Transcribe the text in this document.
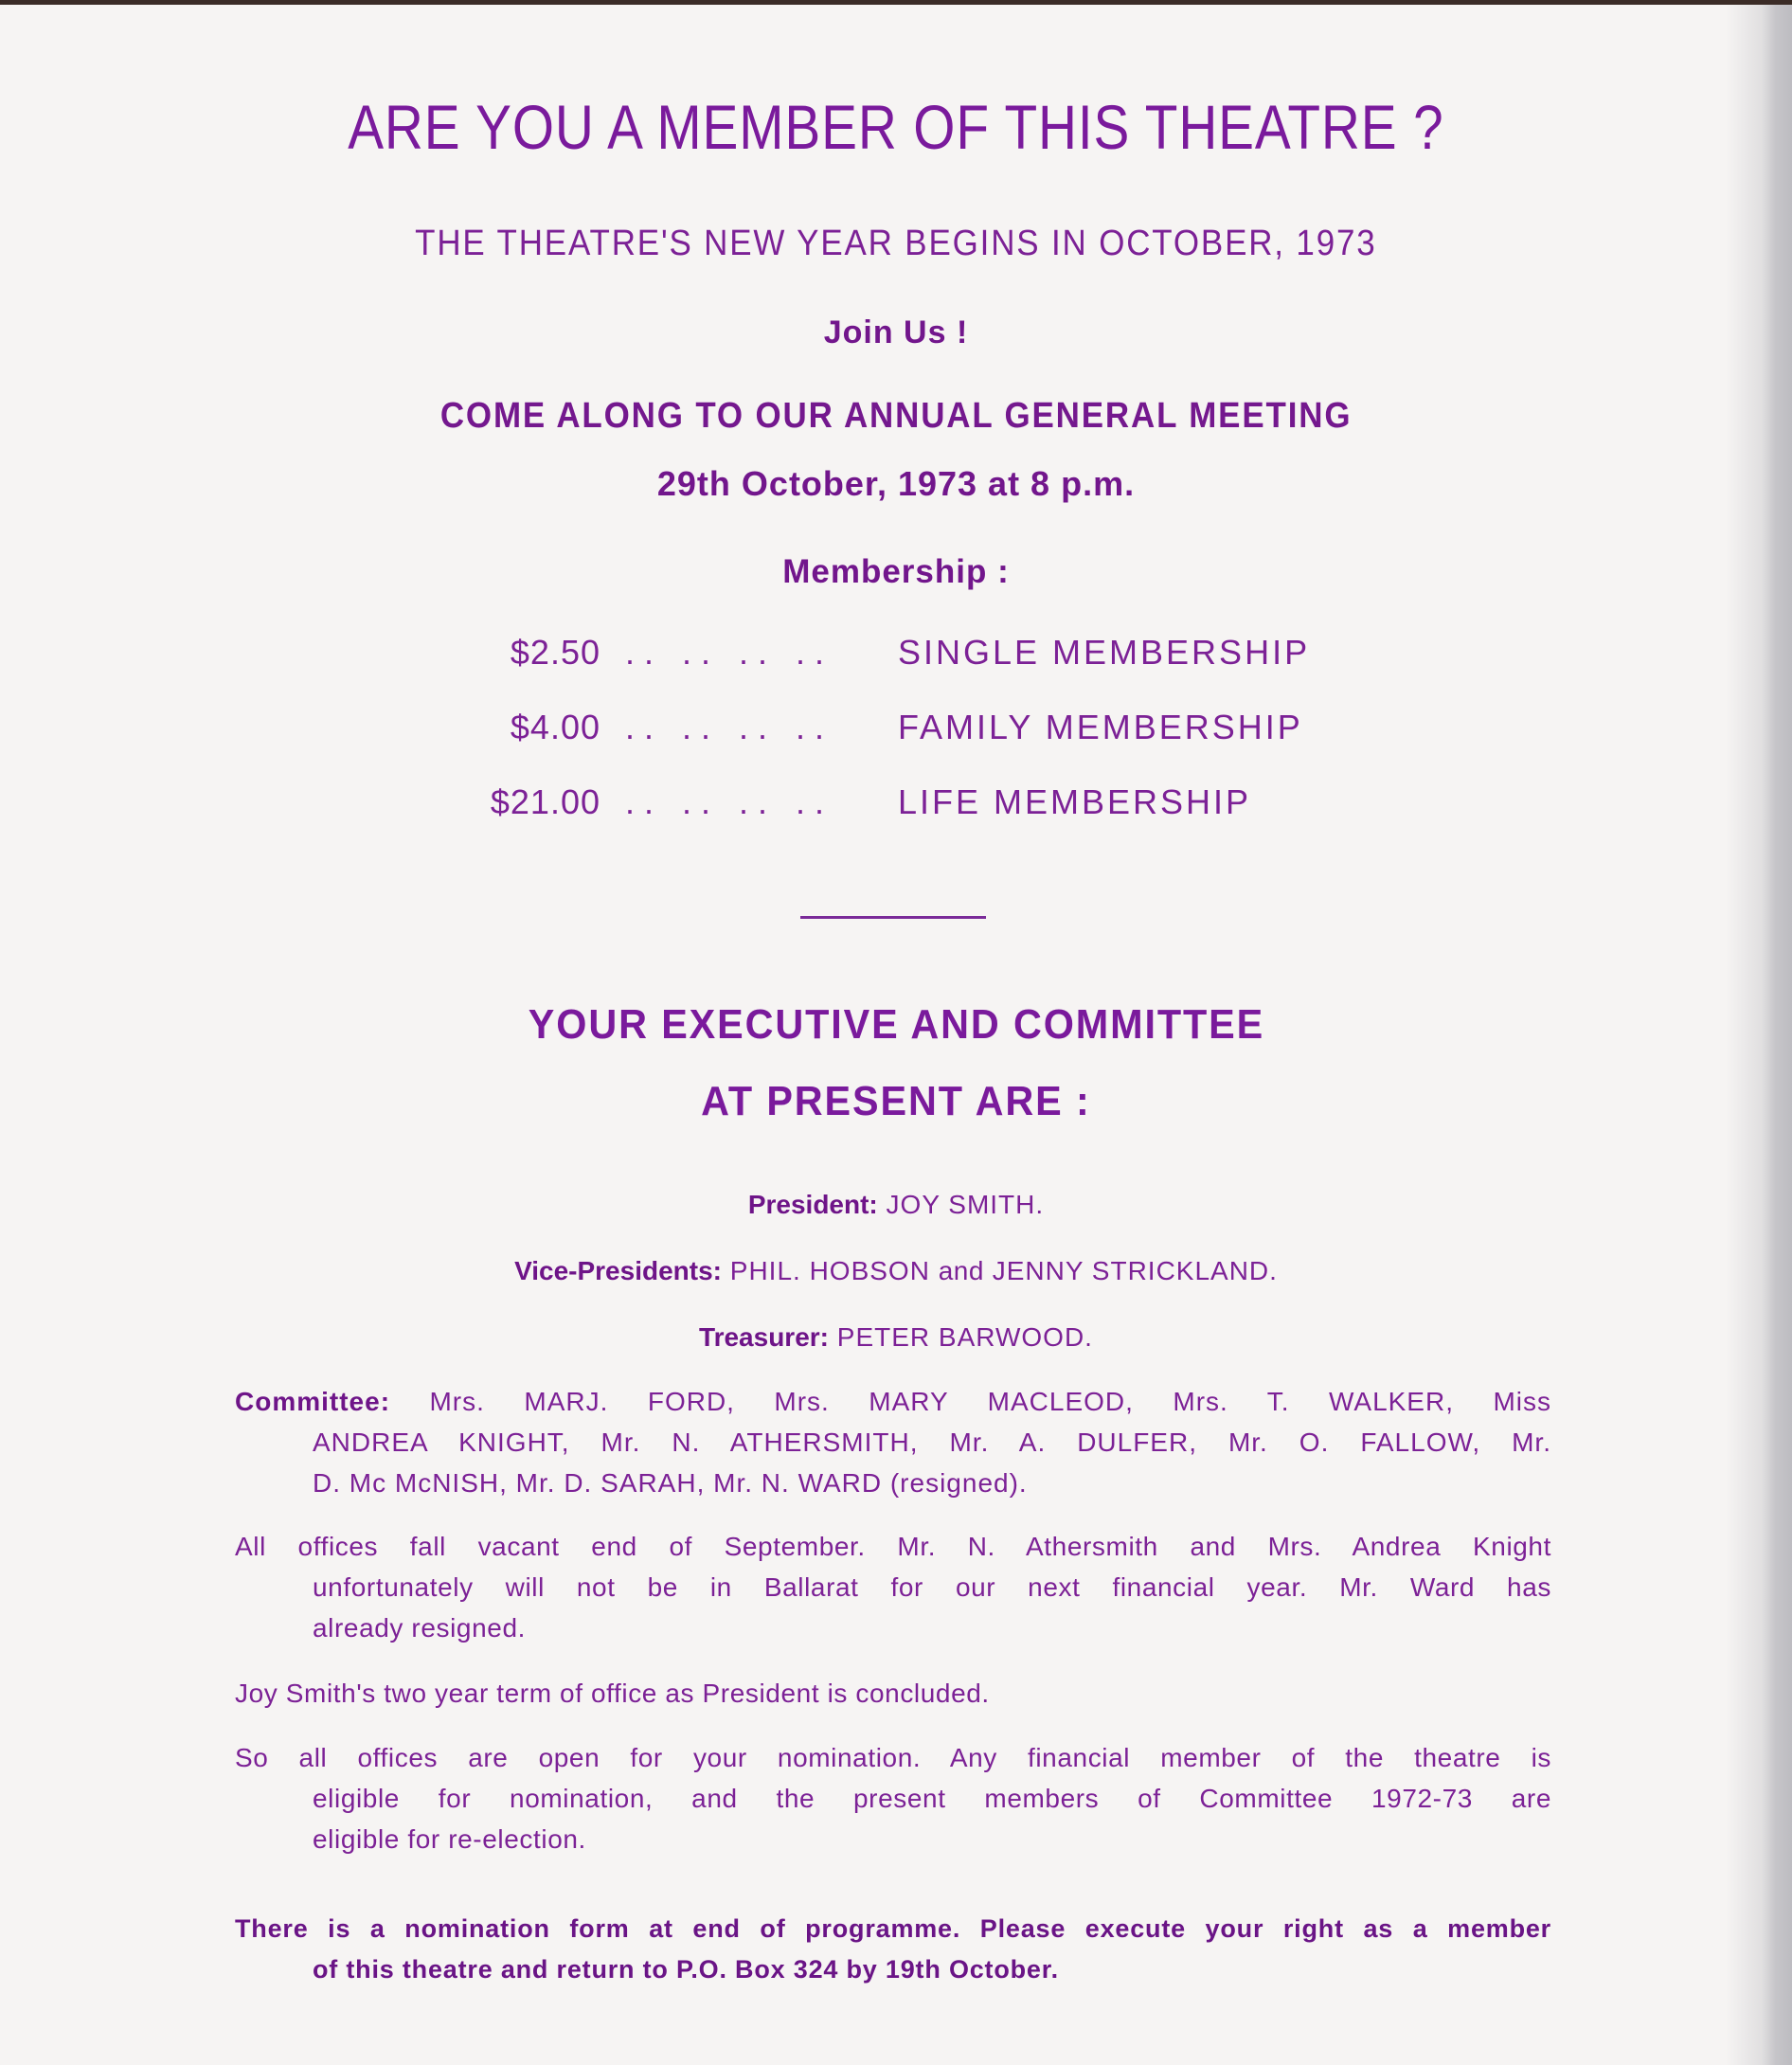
ARE YOU A MEMBER OF THIS THEATRE ?
THE THEATRE'S NEW YEAR BEGINS IN OCTOBER, 1973
Join Us !
COME ALONG TO OUR ANNUAL GENERAL MEETING
29th October, 1973 at 8 p.m.
Membership :
$2.50 .. .. .. .. SINGLE MEMBERSHIP
$4.00 .. .. .. .. FAMILY MEMBERSHIP
$21.00 .. .. .. .. LIFE MEMBERSHIP
YOUR EXECUTIVE AND COMMITTEE
AT PRESENT ARE :
President: JOY SMITH.
Vice-Presidents: PHIL. HOBSON and JENNY STRICKLAND.
Treasurer: PETER BARWOOD.
Committee: Mrs. MARJ. FORD, Mrs. MARY MACLEOD, Mrs. T. WALKER, Miss
ANDREA KNIGHT, Mr. N. ATHERSMITH, Mr. A. DULFER, Mr. O. FALLOW, Mr.
D. Mc McNISH, Mr. D. SARAH, Mr. N. WARD (resigned).
All offices fall vacant end of September. Mr. N. Athersmith and Mrs. Andrea Knight
unfortunately will not be in Ballarat for our next financial year. Mr. Ward has
already resigned.
Joy Smith's two year term of office as President is concluded.
So all offices are open for your nomination. Any financial member of the theatre is
eligible for nomination, and the present members of Committee 1972-73 are
eligible for re-election.
There is a nomination form at end of programme. Please execute your right as a member
of this theatre and return to P.O. Box 324 by 19th October.
